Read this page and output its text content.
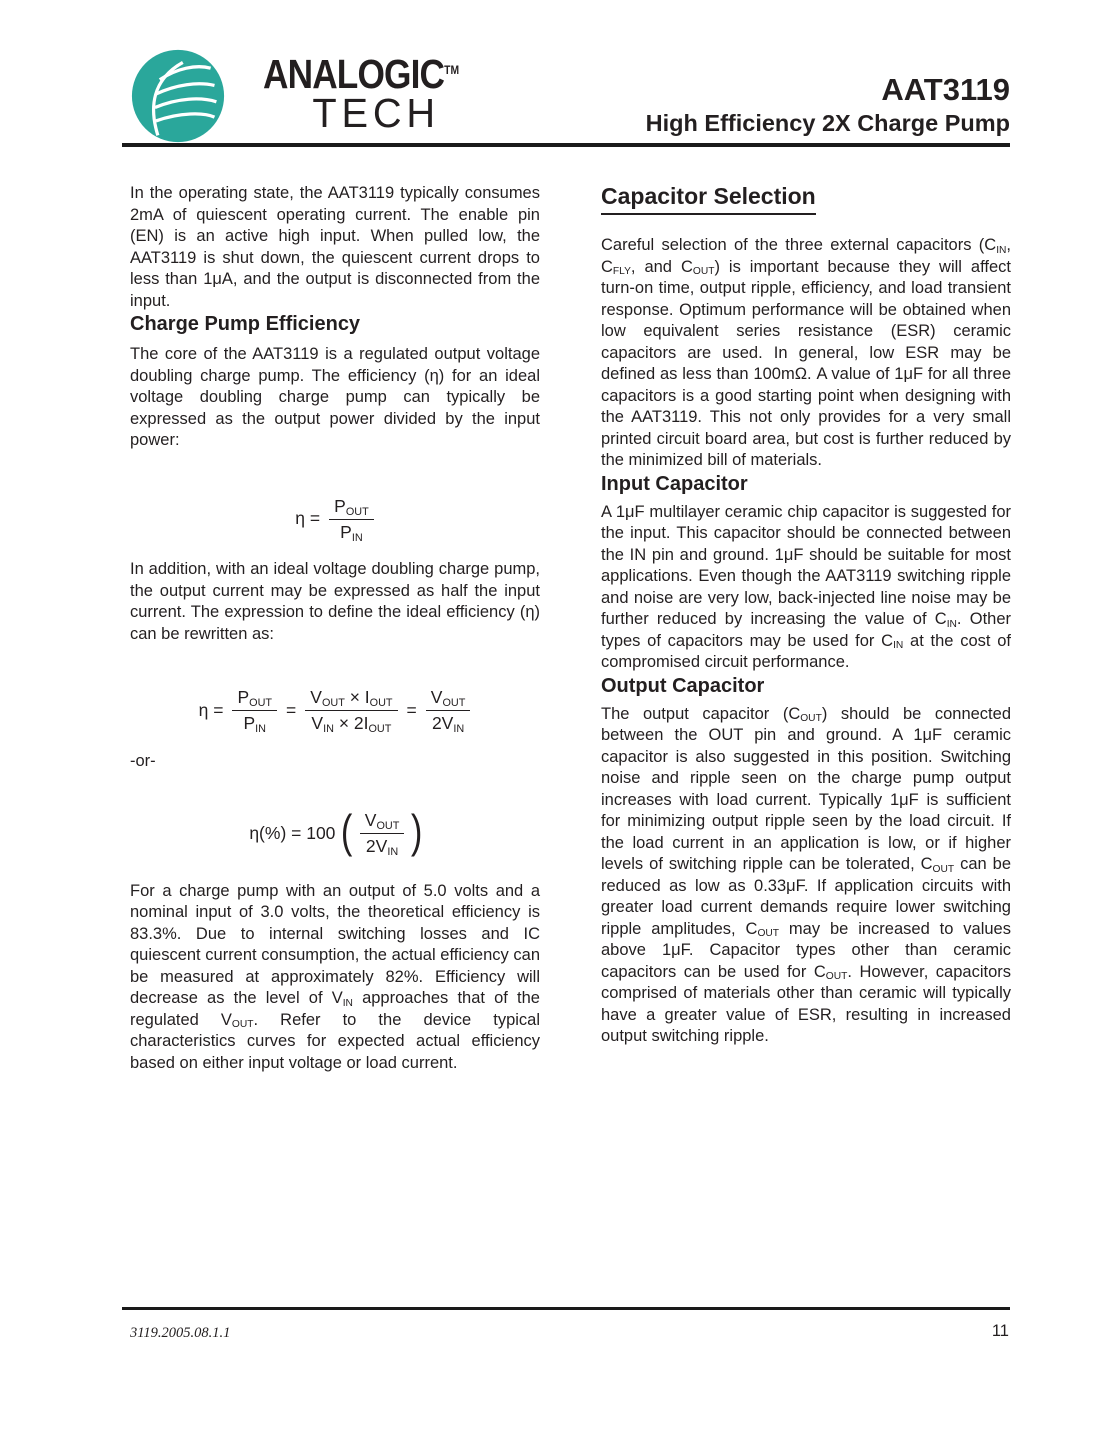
ANALOGIC™
TECH
AAT3119
High Efficiency 2X Charge Pump

In the operating state, the AAT3119 typically consumes 2mA of quiescent operating current. The enable pin (EN) is an active high input. When pulled low, the AAT3119 is shut down, the quiescent current drops to less than 1μA, and the output is disconnected from the input.

Charge Pump Efficiency

The core of the AAT3119 is a regulated output voltage doubling charge pump. The efficiency (η) for an ideal voltage doubling charge pump can typically be expressed as the output power divided by the input power:

$\eta = \frac{P_{OUT}}{P_{IN}}$

In addition, with an ideal voltage doubling charge pump, the output current may be expressed as half the input current. The expression to define the ideal efficiency (η) can be rewritten as:

$\eta = \frac{P_{OUT}}{P_{IN}} = \frac{V_{OUT} \times I_{OUT}}{V_{IN} \times 2I_{OUT}} = \frac{V_{OUT}}{2V_{IN}}$

-or-

η(%) = 100 ( $\frac{V_{OUT}}{2V_{IN}}$ )

For a charge pump with an output of 5.0 volts and a nominal input of 3.0 volts, the theoretical efficiency is 83.3%. Due to internal switching losses and IC quiescent current consumption, the actual efficiency can be measured at approximately 82%. Efficiency will decrease as the level of $V_{IN}$ approaches that of the regulated $V_{OUT}$. Refer to the device typical characteristics curves for expected actual efficiency based on either input voltage or load current.

Capacitor Selection

Careful selection of the three external capacitors ($C_{IN}$, $C_{FLY}$, and $C_{OUT}$) is important because they will affect turn-on time, output ripple, efficiency, and load transient response. Optimum performance will be obtained when low equivalent series resistance (ESR) ceramic capacitors are used. In general, low ESR may be defined as less than 100mΩ. A value of 1μF for all three capacitors is a good starting point when designing with the AAT3119. This not only provides for a very small printed circuit board area, but cost is further reduced by the minimized bill of materials.

Input Capacitor

A 1μF multilayer ceramic chip capacitor is suggested for the input. This capacitor should be connected between the IN pin and ground. 1μF should be suitable for most applications. Even though the AAT3119 switching ripple and noise are very low, back-injected line noise may be further reduced by increasing the value of $C_{IN}$. Other types of capacitors may be used for $C_{IN}$ at the cost of compromised circuit performance.

Output Capacitor

The output capacitor $(C_{OUT})$ should be connected between the OUT pin and ground. A 1μF ceramic capacitor is also suggested in this position. Switching noise and ripple seen on the charge pump output increases with load current. Typically 1μF is sufficient for minimizing output ripple seen by the load circuit. If the load current in an application is low, or if higher levels of switching ripple can be tolerated, $C_{OUT}$ can be reduced as low as 0.33μF. If application circuits with greater load current demands require lower switching ripple amplitudes, $C_{OUT}$ may be increased to values above 1μF. Capacitor types other than ceramic capacitors can be used for $C_{OUT}$. However, capacitors comprised of materials other than ceramic will typically have a greater value of ESR, resulting in increased output switching ripple.

3119.2005.08.1.1	11
